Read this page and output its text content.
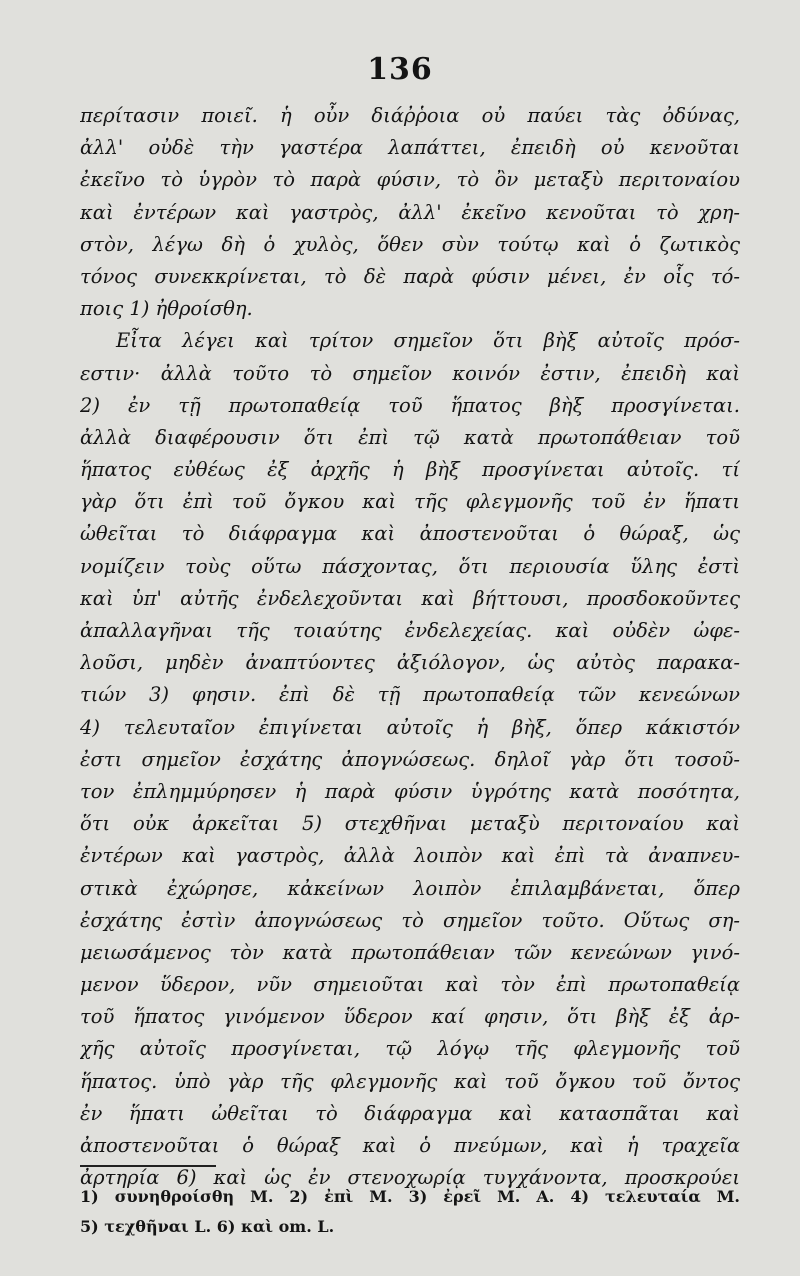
136
περίτασιν ποιεῖ. ἡ οὖν διάῤῥοια οὐ παύει τὰς ὀδύνας,
ἀλλ' οὐδὲ τὴν γαστέρα λαπάττει, ἐπειδὴ οὐ κενοῦται
ἐκεῖνο τὸ ὑγρὸν τὸ παρὰ φύσιν, τὸ ὂν μεταξὺ περιτοναίου
καὶ ἐντέρων καὶ γαστρὸς, ἀλλ' ἐκεῖνο κενοῦται τὸ χρη-
στὸν, λέγω δὴ ὁ χυλὸς, ὅθεν σὺν τούτῳ καὶ ὁ ζωτικὸς
τόνος συνεκκρίνεται, τὸ δὲ παρὰ φύσιν μένει, ἐν οἷς τό-
ποις 1) ἠθροίσθη.
Εἶτα λέγει καὶ τρίτον σημεῖον ὅτι βὴξ αὐτοῖς πρόσ-
εστιν· ἀλλὰ τοῦτο τὸ σημεῖον κοινόν ἐστιν, ἐπειδὴ καὶ
2) ἐν τῇ πρωτοπαθείᾳ τοῦ ἥπατος βὴξ προσγίνεται.
ἀλλὰ διαφέρουσιν ὅτι ἐπὶ τῷ κατὰ πρωτοπάθειαν τοῦ
ἥπατος εὐθέως ἐξ ἀρχῆς ἡ βὴξ προσγίνεται αὐτοῖς. τί
γὰρ ὅτι ἐπὶ τοῦ ὄγκου καὶ τῆς φλεγμονῆς τοῦ ἐν ἥπατι
ὠθεῖται τὸ διάφραγμα καὶ ἀποστενοῦται ὁ θώραξ, ὡς
νομίζειν τοὺς οὕτω πάσχοντας, ὅτι περιουσία ὕλης ἐστὶ
καὶ ὑπ' αὐτῆς ἐνδελεχοῦνται καὶ βήττουσι, προσδοκοῦντες
ἀπαλλαγῆναι τῆς τοιαύτης ἐνδελεχείας. καὶ οὐδὲν ὠφε-
λοῦσι, μηδὲν ἀναπτύοντες ἀξιόλογον, ὡς αὐτὸς παρακα-
τιών 3) φησιν. ἐπὶ δὲ τῇ πρωτοπαθείᾳ τῶν κενεώνων
4) τελευταῖον ἐπιγίνεται αὐτοῖς ἡ βὴξ, ὅπερ κάκιστόν
ἐστι σημεῖον ἐσχάτης ἀπογνώσεως. δηλοῖ γὰρ ὅτι τοσοῦ-
τον ἐπλημμύρησεν ἡ παρὰ φύσιν ὑγρότης κατὰ ποσότητα,
ὅτι οὐκ ἀρκεῖται 5) στεχθῆναι μεταξὺ περιτοναίου καὶ
ἐντέρων καὶ γαστρὸς, ἀλλὰ λοιπὸν καὶ ἐπὶ τὰ ἀναπνευ-
στικὰ ἐχώρησε, κἀκείνων λοιπὸν ἐπιλαμβάνεται, ὅπερ
ἐσχάτης ἐστὶν ἀπογνώσεως τὸ σημεῖον τοῦτο. Οὕτως ση-
μειωσάμενος τὸν κατὰ πρωτοπάθειαν τῶν κενεώνων γινό-
μενον ὕδερον, νῦν σημειοῦται καὶ τὸν ἐπὶ πρωτοπαθείᾳ
τοῦ ἥπατος γινόμενον ὕδερον καί φησιν, ὅτι βὴξ ἐξ ἀρ-
χῆς αὐτοῖς προσγίνεται, τῷ λόγῳ τῆς φλεγμονῆς τοῦ
ἥπατος. ὑπὸ γὰρ τῆς φλεγμονῆς καὶ τοῦ ὄγκου τοῦ ὄντος
ἐν ἥπατι ὠθεῖται τὸ διάφραγμα καὶ κατασπᾶται καὶ
ἀποστενοῦται ὁ θώραξ καὶ ὁ πνεύμων, καὶ ἡ τραχεῖα
ἀρτηρία 6) καὶ ὡς ἐν στενοχωρίᾳ τυγχάνοντα, προσκρούει
1) συνηθροίσθη M. 2) ἐπὶ M. 3) ἐρεῖ M. A. 4) τελευταία M.
5) τεχθῆναι L. 6) καὶ om. L.
